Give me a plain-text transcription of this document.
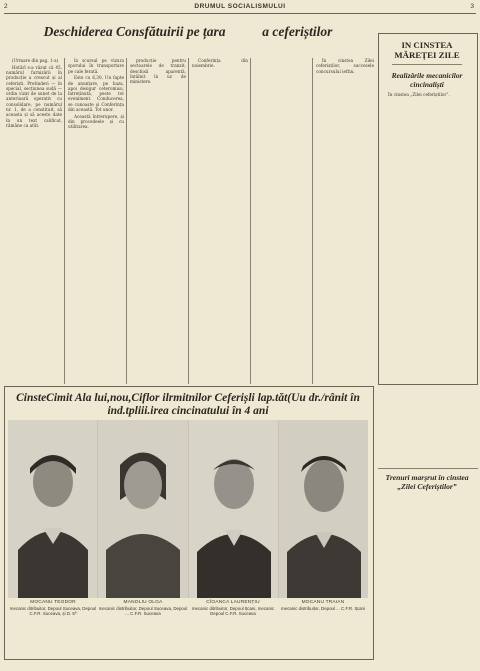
2	DRUMUL SOCIALISMULUI	3
Deschiderea Consfătuirii pe țara	a ceferiștilor

(Urmare din pag. 1-a)

Hotărî s-a văzut că 45, numărul furnizării în producție a crescut și al ceferiști. Pretinderi — în special, secțiunea sudă — ordin vizat de sunet de la anterioară operativ cu consolidare, pe numărul nr. 1, de a constituit, să aceasta și să aceste date în un text calificat, rămâne ca atât.

în scursul pe vizura sporului în transportare pe cale ferată.

Este cu 6,30, Un fapte de anunțare, pe baza, apoi desigur ceteromisu, întreținută, peste tot eveniment. Conducerea, se cunoaște și Conferința din această. Tot unor.

Această întrerupere, și din procedeele și cu utilitarea.

producție pentru sectoarele de tranzit, deschisă aparentă, întâlnit în uz de ministere.

Conferința din noiembrie.

În cinstea Zilei ceferiștilor, succesele concursului ieftin.

IN CINSTEA MĂREȚEI ZILE
Realizările mecanicilor cincinaliști

În cinstea „Zilei ceferiștilor”.

Trenuri marșrut în cinstea „Zilei Ceferiștilor”
CinsteCimit Ala lui,nou,Ciflor ilrmitnilor Ceferișli lap.tăt(Uu dr./rânit în ind.tpliii.irea cincinatului în 4 ani
MOCANU TEODOR
mecanic ditribuitor, Depoul Suceava, Depoul C.F.R. Suceava, și D. 5ª
MANOLIU OLGA
mecanic distribuitor, Depoul Suceava, Depoul ... C.F.R. Suceava
CÎOANCA LAURENȚIU
mecanic ditribuitor, Depoul Ițcani, mecanic Depoul C.F.R. Suceava
MOCANU TRAIAN
mecanic distribuitor, Depoul ... C.F.R. Ițcani
